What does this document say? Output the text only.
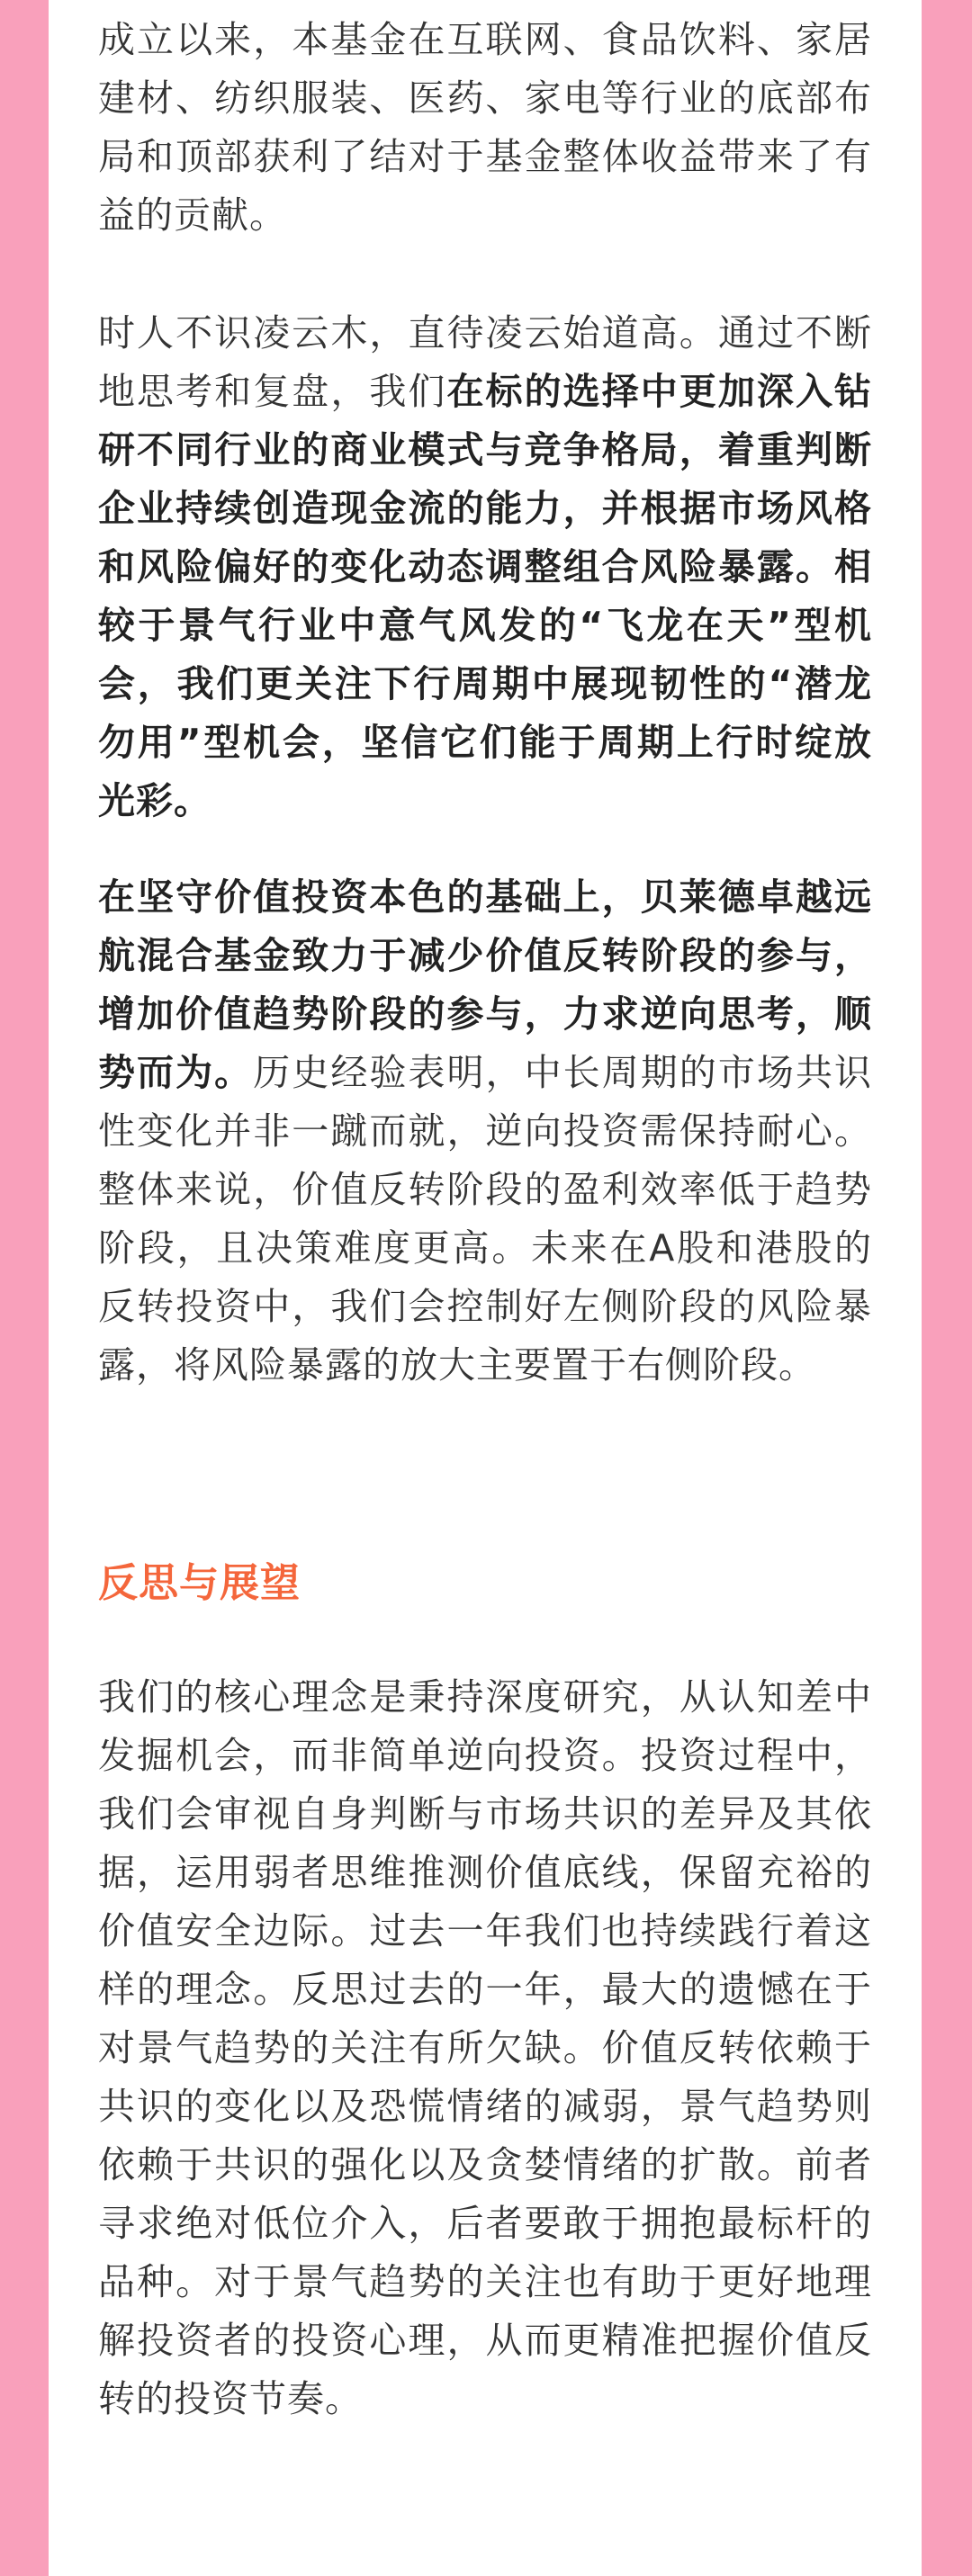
成立以来，本基金在互联网、食品饮料、家居建材、纺织服装、医药、家电等行业的底部布局和顶部获利了结对于基金整体收益带来了有益的贡献。

时人不识凌云木，直待凌云始道高。通过不断地思考和复盘，我们在标的选择中更加深入钻研不同行业的商业模式与竞争格局，着重判断企业持续创造现金流的能力，并根据市场风格和风险偏好的变化动态调整组合风险暴露。相较于景气行业中意气风发的“飞龙在天”型机会，我们更关注下行周期中展现韧性的“潜龙勿用”型机会，坚信它们能于周期上行时绽放光彩。

在坚守价值投资本色的基础上，贝莱德卓越远航混合基金致力于减少价值反转阶段的参与，增加价值趋势阶段的参与，力求逆向思考，顺势而为。历史经验表明，中长周期的市场共识性变化并非一蹴而就，逆向投资需保持耐心。整体来说，价值反转阶段的盈利效率低于趋势阶段，且决策难度更高。未来在A股和港股的反转投资中，我们会控制好左侧阶段的风险暴露，将风险暴露的放大主要置于右侧阶段。

反思与展望

我们的核心理念是秉持深度研究，从认知差中发掘机会，而非简单逆向投资。投资过程中，我们会审视自身判断与市场共识的差异及其依据，运用弱者思维推测价值底线，保留充裕的价值安全边际。过去一年我们也持续践行着这样的理念。反思过去的一年，最大的遗憾在于对景气趋势的关注有所欠缺。价值反转依赖于共识的变化以及恐慌情绪的减弱，景气趋势则依赖于共识的强化以及贪婪情绪的扩散。前者寻求绝对低位介入，后者要敢于拥抱最标杆的品种。对于景气趋势的关注也有助于更好地理解投资者的投资心理，从而更精准把握价值反转的投资节奏。
